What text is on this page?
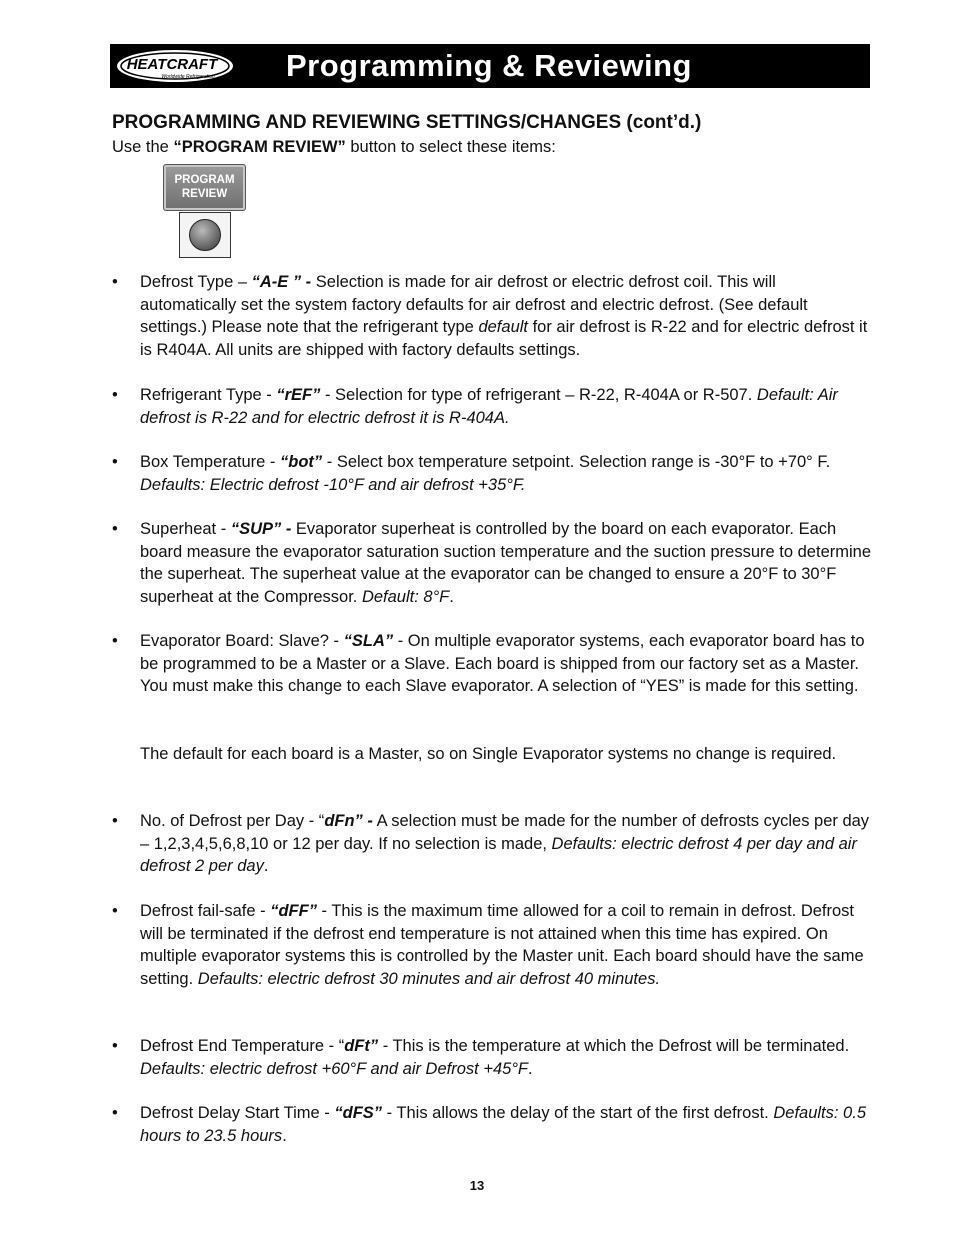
HEATCRAFT
Worldwide Refrigeration Programming & Reviewing
PROGRAMMING AND REVIEWING SETTINGS/CHANGES (cont’d.)
Use the “PROGRAM REVIEW” button to select these items:
PROGRAM
REVIEW
•	Defrost Type – “A-E ” - Selection is made for air defrost or electric defrost coil. This will automatically set the system factory defaults for air defrost and electric defrost. (See default settings.) Please note that the refrigerant type default for air defrost is R-22 and for electric defrost it is R404A. All units are shipped with factory defaults settings.
•	Refrigerant Type - “rEF” - Selection for type of refrigerant – R-22, R-404A or R-507. Default: Air defrost is R-22 and for electric defrost it is R-404A.
•	Box Temperature - “bot” - Select box temperature setpoint. Selection range is -30°F to +70° F. Defaults: Electric defrost -10°F and air defrost +35°F.
•	Superheat - “SUP” - Evaporator superheat is controlled by the board on each evaporator. Each board measure the evaporator saturation suction temperature and the suction pressure to determine the superheat. The superheat value at the evaporator can be changed to ensure a 20°F to 30°F superheat at the Compressor. Default: 8°F.
•	Evaporator Board: Slave? - “SLA” - On multiple evaporator systems, each evaporator board has to be programmed to be a Master or a Slave. Each board is shipped from our factory set as a Master. You must make this change to each Slave evaporator. A selection of “YES” is made for this setting.
The default for each board is a Master, so on Single Evaporator systems no change is required.
•	No. of Defrost per Day - “dFn” - A selection must be made for the number of defrosts cycles per day – 1,2,3,4,5,6,8,10 or 12 per day. If no selection is made, Defaults: electric defrost 4 per day and air defrost 2 per day.
•	Defrost fail-safe - “dFF” - This is the maximum time allowed for a coil to remain in defrost. Defrost will be terminated if the defrost end temperature is not attained when this time has expired. On multiple evaporator systems this is controlled by the Master unit. Each board should have the same setting. Defaults: electric defrost 30 minutes and air defrost 40 minutes.
•	Defrost End Temperature - “dFt” - This is the temperature at which the Defrost will be terminated. Defaults: electric defrost +60°F and air Defrost +45°F.
•	Defrost Delay Start Time - “dFS” - This allows the delay of the start of the first defrost. Defaults: 0.5 hours to 23.5 hours.
13
